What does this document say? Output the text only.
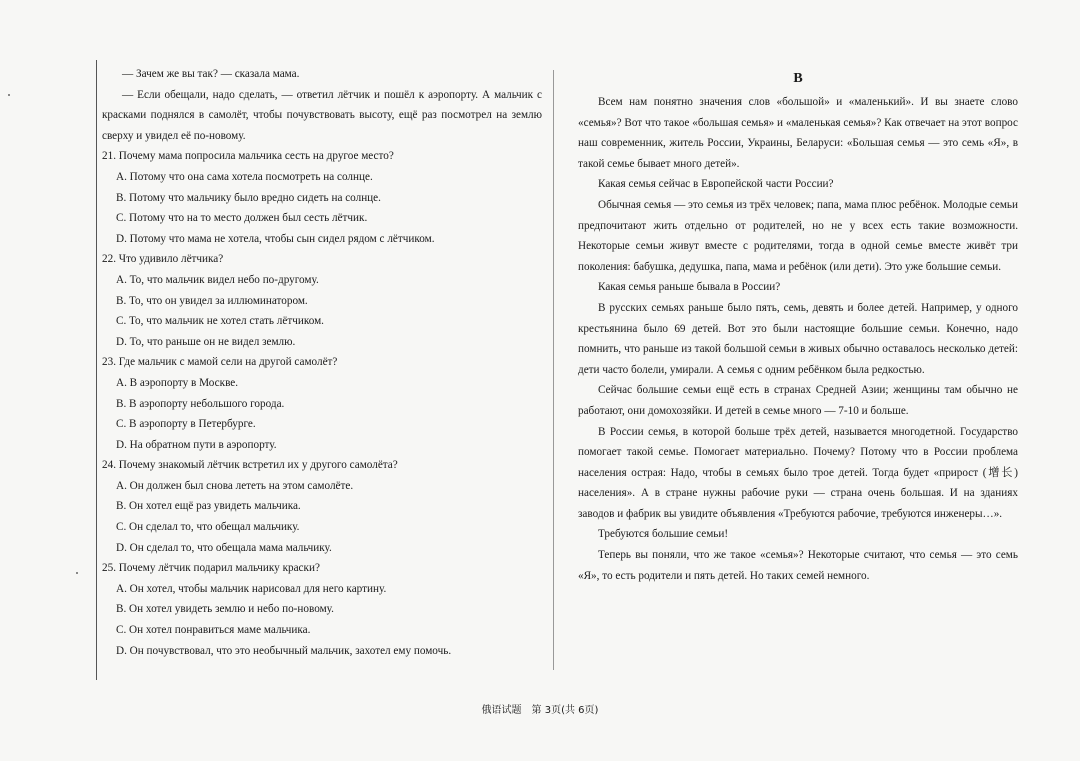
— Зачем же вы так? — сказала мама.

— Если обещали, надо сделать, — ответил лётчик и пошёл к аэропорту. А мальчик с красками поднялся в самолёт, чтобы почувствовать высоту, ещё раз посмотрел на землю сверху и увидел её по-новому.

21. Почему мама попросила мальчика сесть на другое место?

A. Потому что она сама хотела посмотреть на солнце.

B. Потому что мальчику было вредно сидеть на солнце.

C. Потому что на то место должен был сесть лётчик.

D. Потому что мама не хотела, чтобы сын сидел рядом с лётчиком.

22. Что удивило лётчика?

A. То, что мальчик видел небо по-другому.

B. То, что он увидел за иллюминатором.

C. То, что мальчик не хотел стать лётчиком.

D. То, что раньше он не видел землю.

23. Где мальчик с мамой сели на другой самолёт?

A. В аэропорту в Москве.

B. В аэропорту небольшого города.

C. В аэропорту в Петербурге.

D. На обратном пути в аэропорту.

24. Почему знакомый лётчик встретил их у другого самолёта?

A. Он должен был снова лететь на этом самолёте.

B. Он хотел ещё раз увидеть мальчика.

C. Он сделал то, что обещал мальчику.

D. Он сделал то, что обещала мама мальчику.

25. Почему лётчик подарил мальчику краски?

A. Он хотел, чтобы мальчик нарисовал для него картину.

B. Он хотел увидеть землю и небо по-новому.

C. Он хотел понравиться маме мальчика.

D. Он почувствовал, что это необычный мальчик, захотел ему помочь.

B

Всем нам понятно значения слов «большой» и «маленький». И вы знаете слово «семья»? Вот что такое «большая семья» и «маленькая семья»? Как отвечает на этот вопрос наш современник, житель России, Украины, Беларуси: «Большая семья — это семь «Я», в такой семье бывает много детей».

Какая семья сейчас в Европейской части России?

Обычная семья — это семья из трёх человек; папа, мама плюс ребёнок. Молодые семьи предпочитают жить отдельно от родителей, но не у всех есть такие возможности. Некоторые семьи живут вместе с родителями, тогда в одной семье вместе живёт три поколения: бабушка, дедушка, папа, мама и ребёнок (или дети). Это уже большие семьи.

Какая семья раньше бывала в России?

В русских семьях раньше было пять, семь, девять и более детей. Например, у одного крестьянина было 69 детей. Вот это были настоящие большие семьи. Конечно, надо помнить, что раньше из такой большой семьи в живых обычно оставалось несколько детей: дети часто болели, умирали. А семья с одним ребёнком была редкостью.

Сейчас большие семьи ещё есть в странах Средней Азии; женщины там обычно не работают, они домохозяйки. И детей в семье много — 7-10 и больше.

В России семья, в которой больше трёх детей, называется многодетной. Государство помогает такой семье. Помогает материально. Почему? Потому что в России проблема населения острая: Надо, чтобы в семьях было трое детей. Тогда будет «прирост (增长) населения». А в стране нужны рабочие руки — страна очень большая. И на зданиях заводов и фабрик вы увидите объявления «Требуются рабочие, требуются инженеры…».

Требуются большие семьи!

Теперь вы поняли, что же такое «семья»? Некоторые считают, что семья — это семь «Я», то есть родители и пять детей. Но таких семей немного.

俄语试题　第 3页(共 6页)
